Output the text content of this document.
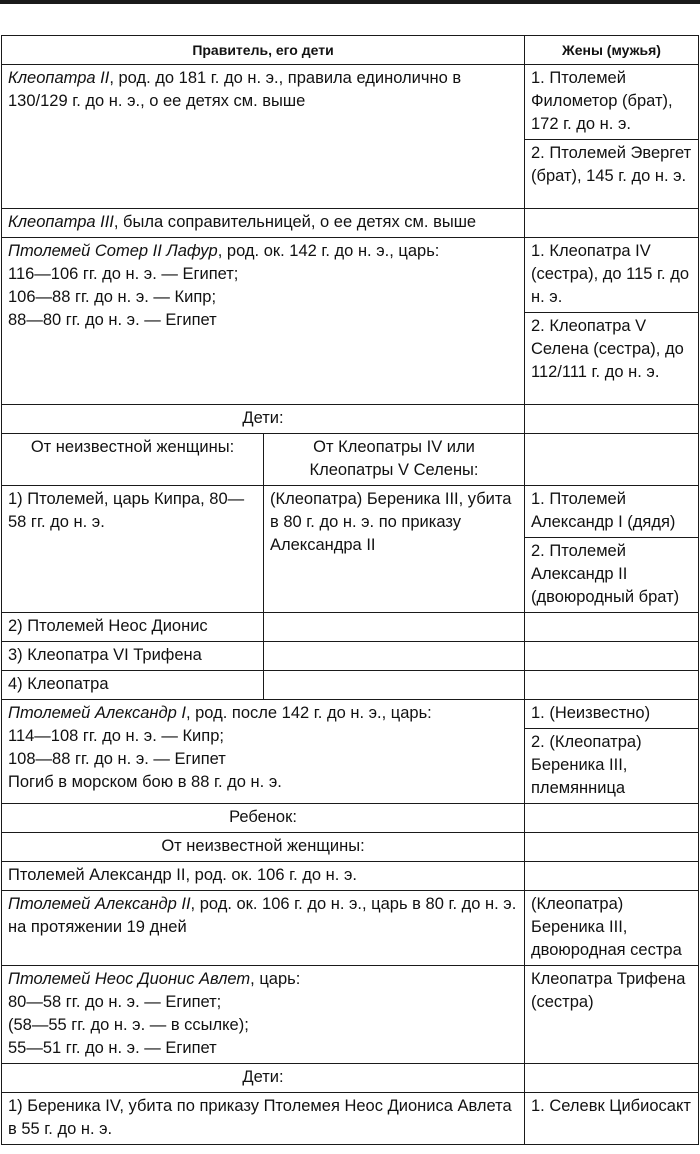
Правитель, его дети		Жены (мужья)
Клеопатра II, род. до 181 г. до н. э., правила единолично в 130/129 г. до н. э., о ее детях см. выше		1. Птолемей Филометор (брат), 172 г. до н. э.
		2. Птолемей Эвергет (брат), 145 г. до н. э.
Клеопатра III, была соправительницей, о ее детях см. выше		
Птолемей Сотер II Лафур, род. ок. 142 г. до н. э., царь:
116—106 гг. до н. э. — Египет;
106—88 гг. до н. э. — Кипр;
88—80 гг. до н. э. — Египет		1. Клеопатра IV (сестра), до 115 г. до н. э.
		2. Клеопатра V Селена (сестра), до 112/111 г. до н. э.
Дети:		
От неизвестной женщины:	От Клеопатры IV или Клеопатры V Селены:	
1) Птолемей, царь Кипра, 80—58 гг. до н. э.	(Клеопатра) Береника III, убита в 80 г. до н. э. по приказу Александра II	1. Птолемей Александр I (дядя)
		2. Птолемей Александр II (двоюродный брат)
2) Птолемей Неос Дионис		
3) Клеопатра VI Трифена		
4) Клеопатра		
Птолемей Александр I, род. после 142 г. до н. э., царь:
114—108 гг. до н. э. — Кипр;
108—88 гг. до н. э. — Египет
Погиб в морском бою в 88 г. до н. э.		1. (Неизвестно)
		2. (Клеопатра) Береника III, племянница
Ребенок:		
От неизвестной женщины:		
Птолемей Александр II, род. ок. 106 г. до н. э.		
Птолемей Александр II, род. ок. 106 г. до н. э., царь в 80 г. до н. э. на протяжении 19 дней		(Клеопатра) Береника III, двоюродная сестра
Птолемей Неос Дионис Авлет, царь:
80—58 гг. до н. э. — Египет;
(58—55 гг. до н. э. — в ссылке);
55—51 гг. до н. э. — Египет		Клеопатра Трифена (сестра)
Дети:		
1) Береника IV, убита по приказу Птолемея Неос Диониса Авлета в 55 г. до н. э.		1. Селевк Цибиосакт
